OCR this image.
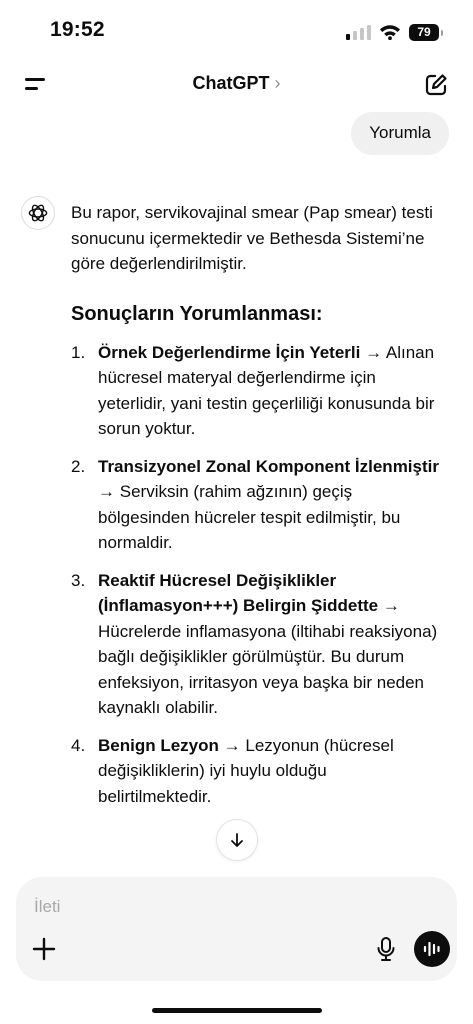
19:52	79
ChatGPT ›
Yorumla

Bu rapor, servikovajinal smear (Pap smear) testi sonucunu içermektedir ve Bethesda Sistemi’ne göre değerlendirilmiştir.

Sonuçların Yorumlanması:
1. Örnek Değerlendirme İçin Yeterli → Alınan hücresel materyal değerlendirme için yeterlidir, yani testin geçerliliği konusunda bir sorun yoktur.
2. Transizyonel Zonal Komponent İzlenmiştir → Serviksin (rahim ağzının) geçiş bölgesinden hücreler tespit edilmiştir, bu normaldir.
3. Reaktif Hücresel Değişiklikler (İnflamasyon+++) Belirgin Şiddette → Hücrelerde inflamasyona (iltihabi reaksiyona) bağlı değişiklikler görülmüştür. Bu durum enfeksiyon, irritasyon veya başka bir neden kaynaklı olabilir.
4. Benign Lezyon → Lezyonun (hücresel değişikliklerin) iyi huylu olduğu belirtilmektedir.
İleti
